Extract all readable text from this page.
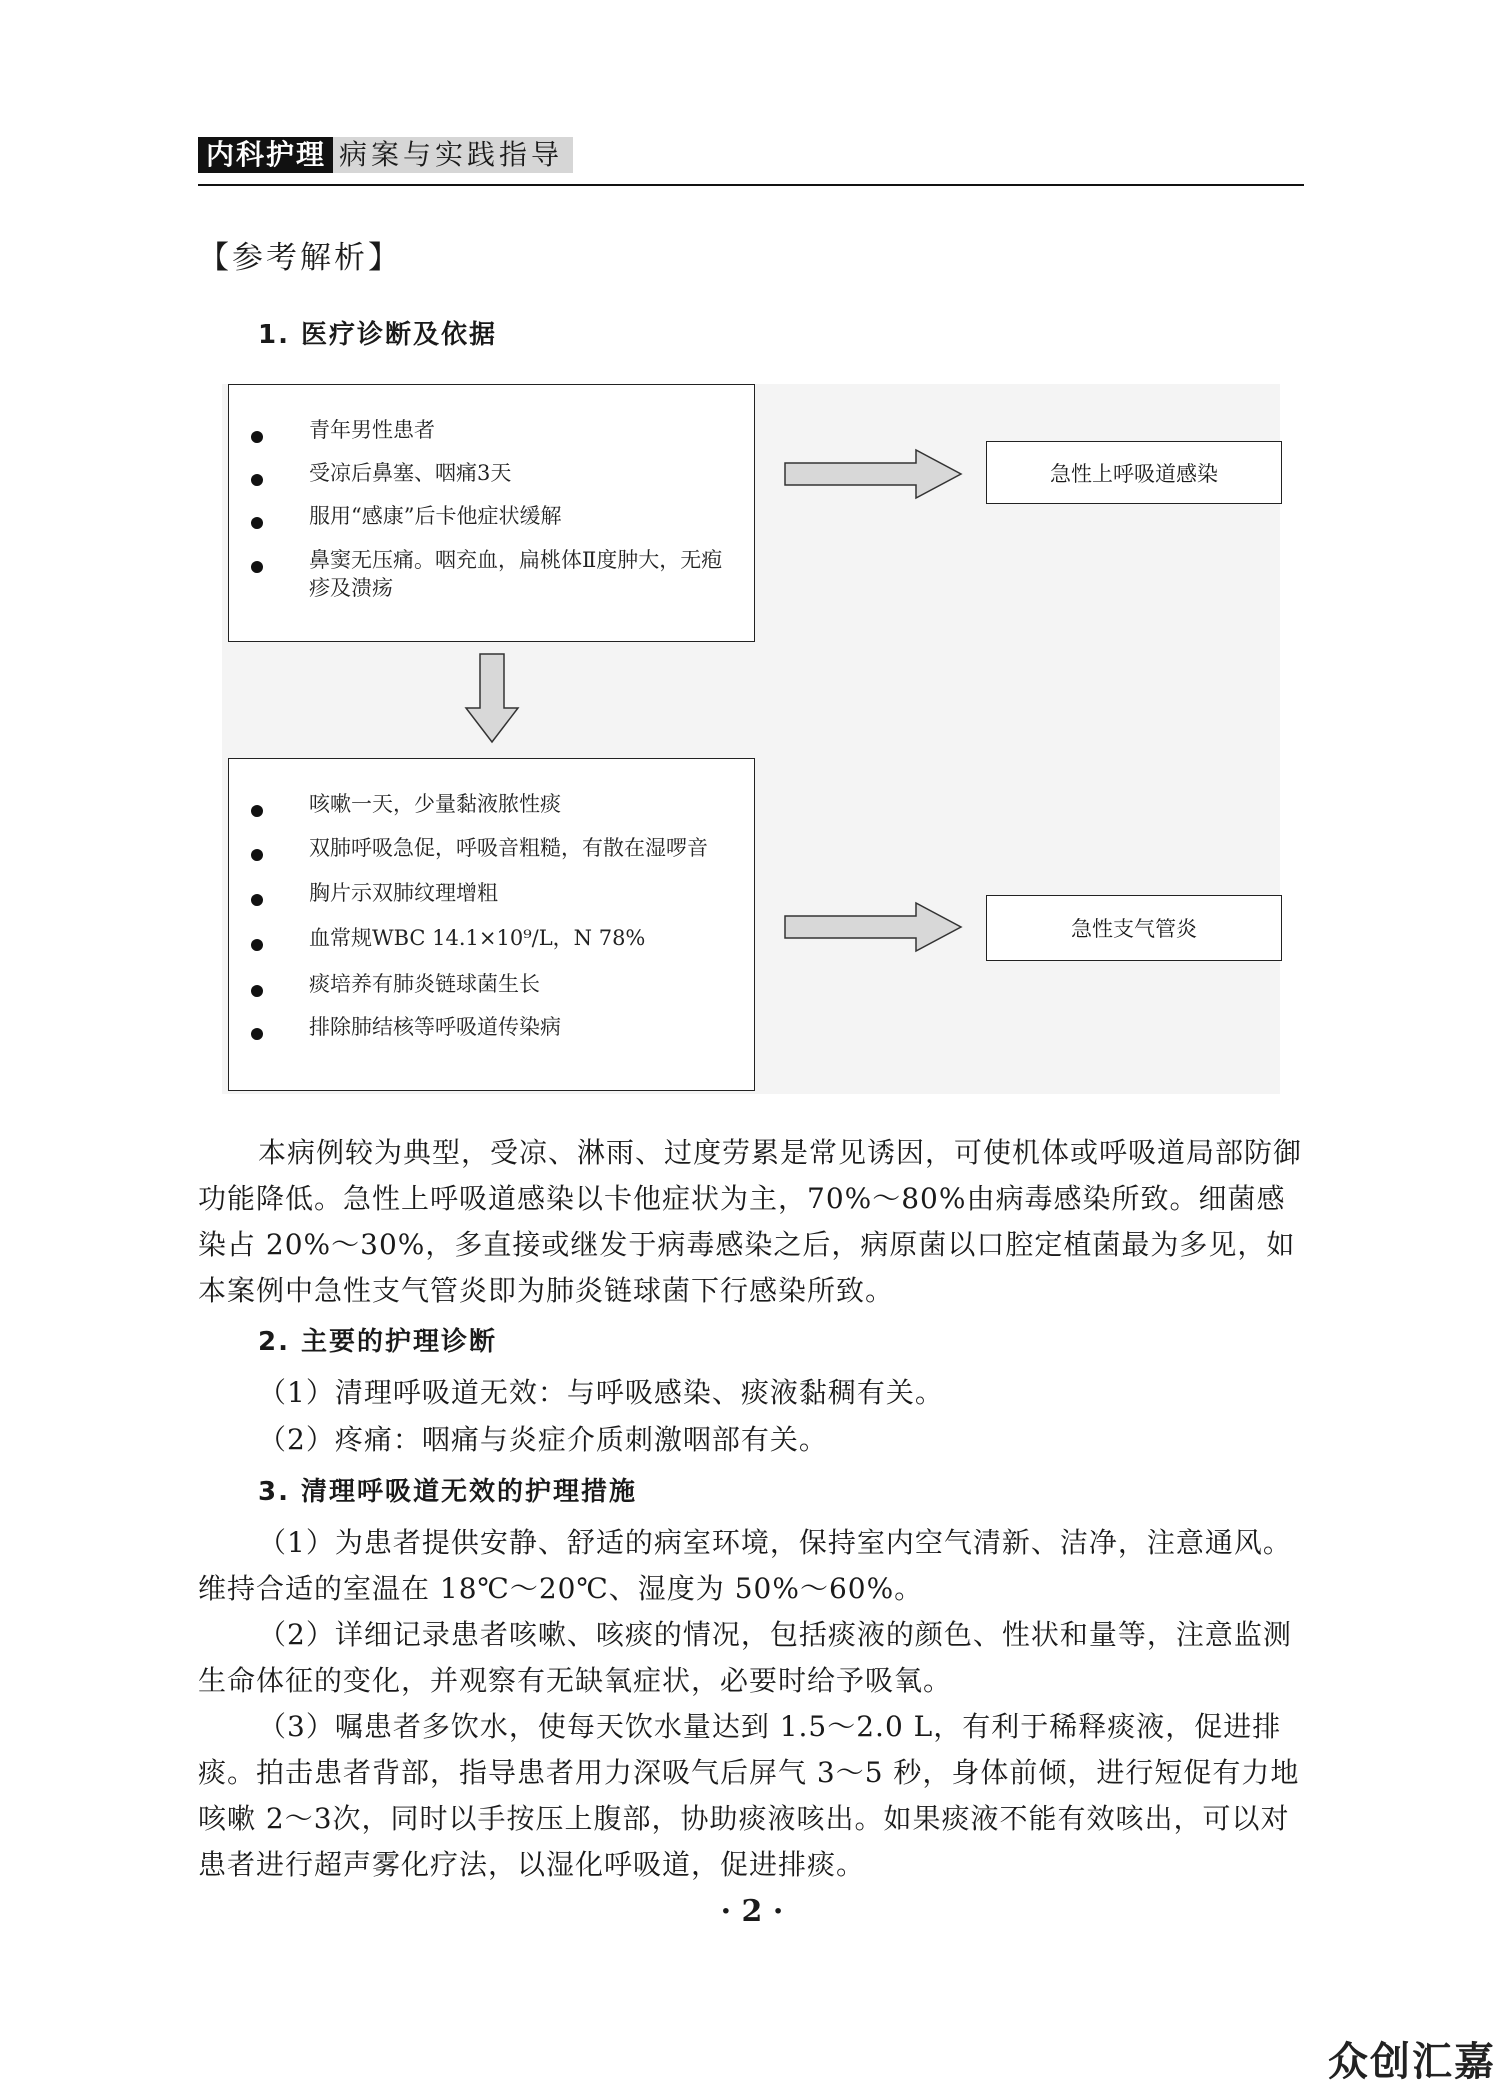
内科护理 病案与实践指导
【参考解析】
1. 医疗诊断及依据
青年男性患者
受凉后鼻塞、咽痛3天
服用“感康”后卡他症状缓解
鼻窦无压痛。咽充血，扁桃体Ⅱ度肿大，无疱疹及溃疡
咳嗽一天，少量黏液脓性痰
双肺呼吸急促，呼吸音粗糙，有散在湿啰音
胸片示双肺纹理增粗
血常规WBC 14.1×10⁹/L，N 78%
痰培养有肺炎链球菌生长
排除肺结核等呼吸道传染病
急性上呼吸道感染
急性支气管炎

本病例较为典型，受凉、淋雨、过度劳累是常见诱因，可使机体或呼吸道局部防御功能降低。急性上呼吸道感染以卡他症状为主，70%～80%由病毒感染所致。细菌感染占 20%～30%，多直接或继发于病毒感染之后，病原菌以口腔定植菌最为多见，如本案例中急性支气管炎即为肺炎链球菌下行感染所致。

2. 主要的护理诊断
（1）清理呼吸道无效：与呼吸感染、痰液黏稠有关。
（2）疼痛：咽痛与炎症介质刺激咽部有关。
3. 清理呼吸道无效的护理措施

（1）为患者提供安静、舒适的病室环境，保持室内空气清新、洁净，注意通风。维持合适的室温在 18℃～20℃、湿度为 50%～60%。

（2）详细记录患者咳嗽、咳痰的情况，包括痰液的颜色、性状和量等，注意监测生命体征的变化，并观察有无缺氧症状，必要时给予吸氧。

（3）嘱患者多饮水，使每天饮水量达到 1.5～2.0 L，有利于稀释痰液，促进排痰。拍击患者背部，指导患者用力深吸气后屏气 3～5 秒，身体前倾，进行短促有力地咳嗽 2～3次，同时以手按压上腹部，协助痰液咳出。如果痰液不能有效咳出，可以对患者进行超声雾化疗法，以湿化呼吸道，促进排痰。

· 2 ·
众创汇嘉
